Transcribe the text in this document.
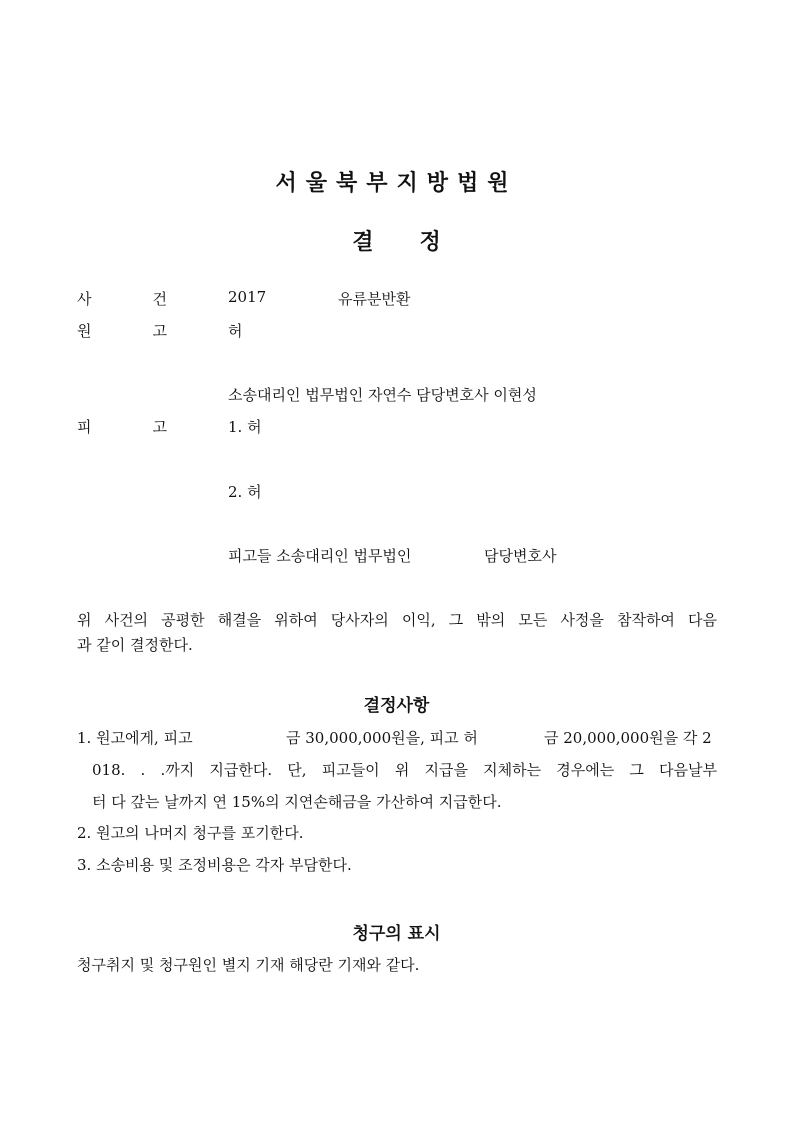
서울북부지방법원
결정
사	건	2017	유류분반환
원	고	허
소송대리인 법무법인 자연수 담당변호사 이현성
피	고	1. 허
2. 허
피고들 소송대리인 법무법인	담당변호사
위 사건의 공평한 해결을 위하여 당사자의 이익, 그 밖의 모든 사정을 참작하여 다음
과 같이 결정한다.
결정사항
1. 원고에게, 피고	금 30,000,000원을, 피고 허	금 20,000,000원을 각 2
018. . .까지 지급한다. 단, 피고들이 위 지급을 지체하는 경우에는 그 다음날부
터 다 갚는 날까지 연 15%의 지연손해금을 가산하여 지급한다.
2. 원고의 나머지 청구를 포기한다.
3. 소송비용 및 조정비용은 각자 부담한다.
청구의 표시
청구취지 및 청구원인 별지 기재 해당란 기재와 같다.
